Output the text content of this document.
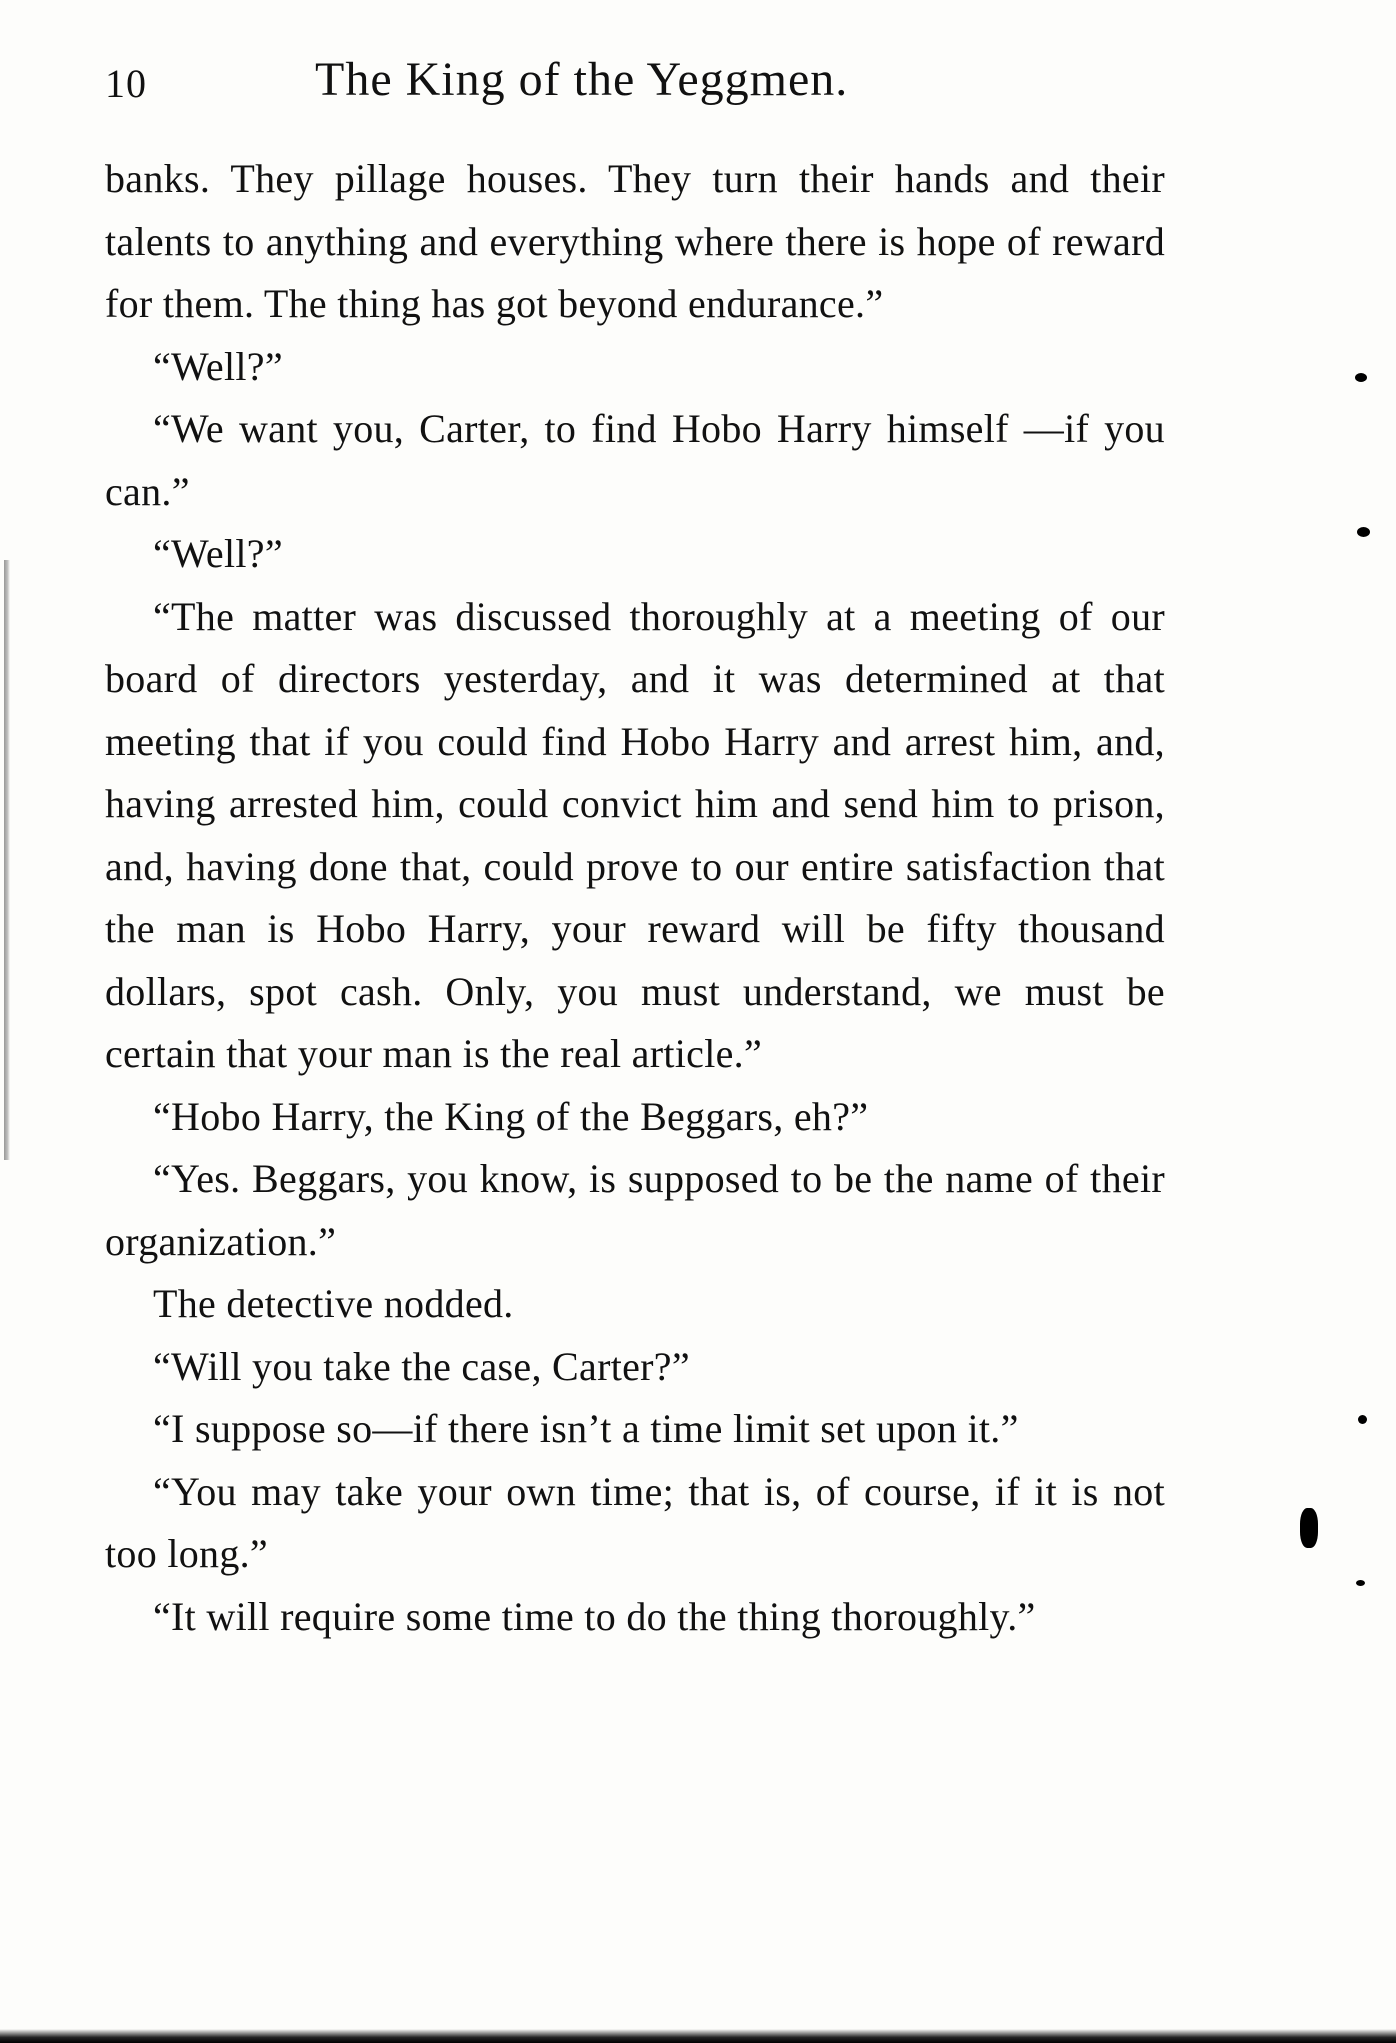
10	The King of the Yeggmen.

banks. They pillage houses. They turn their hands and their talents to anything and everything where there is hope of reward for them. The thing has got beyond endurance.”

“Well?”

“We want you, Carter, to find Hobo Harry himself —if you can.”

“Well?”

“The matter was discussed thoroughly at a meeting of our board of directors yesterday, and it was determined at that meeting that if you could find Hobo Harry and arrest him, and, having arrested him, could convict him and send him to prison, and, having done that, could prove to our entire satisfaction that the man is Hobo Harry, your reward will be fifty thousand dollars, spot cash. Only, you must understand, we must be certain that your man is the real article.”

“Hobo Harry, the King of the Beggars, eh?”

“Yes. Beggars, you know, is supposed to be the name of their organization.”

The detective nodded.

“Will you take the case, Carter?”

“I suppose so—if there isn’t a time limit set upon it.”

“You may take your own time; that is, of course, if it is not too long.”

“It will require some time to do the thing thoroughly.”
